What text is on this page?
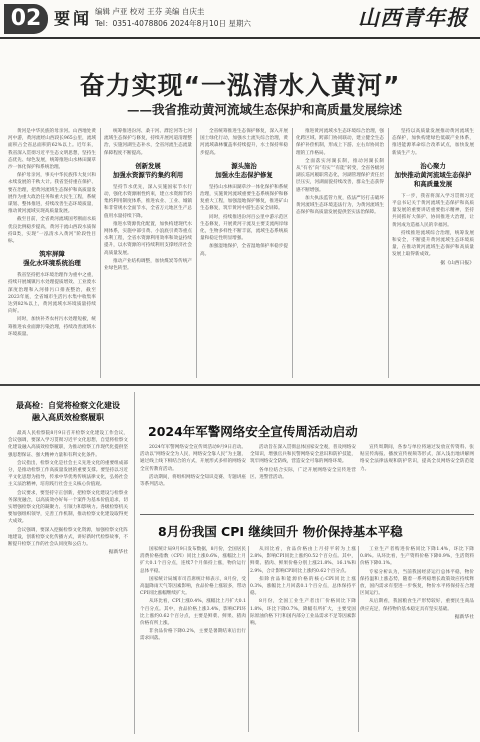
02 要闻 编辑 卢亚 校对 王芬 美编 自庆圭
Tel：0351-4078806 2024年8月10日 星期六	山西青年报
奋力实现“一泓清水入黄河”
——我省推动黄河流域生态保护和高质量发展综述

黄河是中华民族的母亲河。山西地处黄河中游，黄河流经山西段长965公里，流域面积占全省总面积的62%以上。近年来，我省深入贯彻习近平生态文明思想，坚持生态优先、绿色发展，统筹推进山水林田湖草沙一体化保护和系统治理。

保护母亲河，事关中华民族伟大复兴和永续发展的千秋大计。我省坚持重在保护、要在治理，把黄河流域生态保护和高质量发展作为重大政治任务和重大民生工程，系统谋划、整体推进，持续改善生态环境质量，推动黄河流域实现高质量发展。

截至目前，全省黄河流域国考断面水质优良比例稳步提高，黄河干流山西段水质保持Ⅱ类，实现“一泓清水入黄河”阶段性目标。

筑牢屏障
强化水环境系统治理

我省坚持把水环境治理作为重中之重，持续开展城镇污水处理提质增效、工业废水深度治理和入河排污口排查整治，截至2023年底，全省城市生活污水集中收集率达到82%以上，黄河流域水环境质量持续向好。

同时，加快补齐农村污水处理短板，统筹推进农业面源污染治理，持续改善流域水环境质量。

统筹推进汾河、桑干河、滹沱河等七河流域生态保护与修复，持续开展河道清理整治，实施河湖生态补水，全省河流生态流量保障程度不断提高。

创新发展
加强水资源节约集约利用

坚持节水优先，深入实施国家节水行动，强化水资源刚性约束，建立水资源节约集约利用制度体系，推进农业、工业、城镇和非常规水全面节水，全省万元地区生产总值用水量持续下降。

推进水资源优化配置，加快构建现代水网体系，实施中部引黄、小浪底引黄等重点水利工程，全省水资源利用效率和效益持续提升，以水资源的可持续利用支撑经济社会高质量发展。

推动产业结构调整，加快煤炭等传统产业绿色转型。

全省统筹推进生态保护修复，深入开展国土绿化行动，加强水土流失综合治理，黄河流域森林覆盖率持续提升，水土保持率稳步提高。

源头施治
加强水生态保护修复

坚持山水林田湖草沙一体化保护和系统治理，实施黄河流域重要生态系统保护和修复重大工程，加强湿地保护修复，推进矿山生态修复，筑牢黄河中游生态安全屏障。

同时，持续推进汾河百公里中游示范区生态修复，开展黄河干流及主要支流两岸绿化，生物多样性不断丰富，流域生态系统质量和稳定性明显增强。

加强湿地保护，全省湿地保护率稳步提高。

推进黄河流域水生态环境综合治理，强化跨区域、跨部门协同联动，建立健全生态保护补偿机制，形成上下游、左右岸协同治理的工作格局。

全面落实河湖长制，推动河湖长制从“有名”向“有实”“有能”转变，全省各级河湖长巡河履职常态化，河湖管理保护责任层层压实，河湖面貌持续改善，群众生态获得感不断增强。

加大执法监管力度，依法严厉打击破坏黄河流域生态环境违法行为，为黄河流域生态保护和高质量发展提供坚实法治保障。

坚持以高质量发展推动黄河流域生态保护，加快构建绿色低碳产业体系，推进能源革命综合改革试点，加快发展新质生产力。

治心聚力
加快推动黄河流域生态保护和高质量发展

下一步，我省将深入学习贯彻习近平总书记关于黄河流域生态保护和高质量发展的重要讲话重要指示精神，坚持共同抓好大保护、协同推进大治理，让黄河成为造福人民的幸福河。

持续推进流域综合治理，统筹发展和安全，不断提升黄河流域生态环境质量，在推动黄河流域生态保护和高质量发展上取得新成效。

据《山西日报》
最高检：自觉将检察文化建设
融入高质效检察履职

最高人民检察院8月9日召开检察文化建设工作会议，会议强调，要深入学习贯彻习近平文化思想，自觉将检察文化建设融入高质效检察履职，为推动检察工作现代化提供坚强思想保证、强大精神力量和有利文化条件。

会议指出，检察文化是社会主义先进文化的重要组成部分，是推动检察工作高质量发展的重要支撑。要坚持以习近平文化思想为指导，传承中华优秀传统法律文化，弘扬社会主义法治精神，培育践行社会主义核心价值观。

会议要求，要坚持守正创新，把检察文化建设与检察业务深度融合，以高质效办好每一个案件为基本价值追求，切实增强检察文化的凝聚力、引领力和影响力。各级检察机关要加强组织领导，完善工作机制，推动检察文化建设取得更大成效。

会议强调，要深入挖掘检察文化资源，加强检察文化阵地建设，创新检察文化传播方式，讲好新时代检察故事，不断提升检察工作的社会认同度和公信力。

据新华社
2024年军警网络安全宣传周活动启动

2024年军警网络安全宣传周活动9月9日启动。活动以“网络安全为人民，网络安全靠人民”为主题，通过线上线下相结合的方式，开展形式多样的网络安全宣传教育活动。

活动期间，将组织网络安全知识竞赛、专题讲座等系列活动。

活动旨在深入贯彻总体国家安全观，普及网络安全知识，增强官兵和民警网络安全意识和防护技能，筑牢网络安全防线，营造安全可靠的网络环境。

各单位结合实际，广泛开展网络安全宣传进营区、进警营活动。

宣传周期间，各参与单位将通过发放宣传资料、张贴宣传海报、播放宣传视频等形式，深入浅出地讲解网络安全法律法规和防护常识，提高全员网络安全防范能力。

8月份我国 CPI 继续回升 物价保持基本平稳

国家统计局9月9日发布数据，8月份，全国居民消费价格指数（CPI）同比上涨0.6%，涨幅比上月扩大0.1个百分点，连续7个月保持上涨，物价运行总体平稳。

国家统计局城市司首席统计师表示，8月份，受高温降雨天气等因素影响，食品价格上涨较多，带动CPI同比涨幅继续扩大。

从环比看，CPI上涨0.4%，涨幅比上月扩大0.1个百分点。其中，食品价格上涨3.4%，影响CPI环比上涨约0.62个百分点，主要是鲜菜、鲜果、猪肉价格有所上涨。

非食品价格下降0.2%，主要是暑期结束后出行需求回落。

从同比看，食品价格由上月持平转为上涨2.8%，影响CPI同比上涨约0.52个百分点。其中，鲜菜、猪肉、鲜果价格分别上涨21.8%、16.1%和2.9%，合计影响CPI同比上涨约0.62个百分点。

扣除食品和能源价格的核心CPI同比上涨0.3%，涨幅比上月回落0.1个百分点，总体保持平稳。

8月份，全国工业生产者出厂价格同比下降1.8%，环比下降0.7%，降幅有所扩大，主要受国际原油价格下行和国内部分工业品需求不足等因素影响。

工业生产者购进价格同比下降1.4%，环比下降0.8%。从环比看，生产资料价格下降0.9%，生活资料价格下降0.1%。

专家分析认为，当前我国经济运行总体平稳，物价保持温和上涨态势，随着一系列稳增长政策效应持续释放，国内需求有望进一步恢复，物价水平将保持在合理区间运行。

从后期看，我国粮食生产形势较好，重要民生商品供应充足，保持物价基本稳定具有坚实基础。

据新华社
